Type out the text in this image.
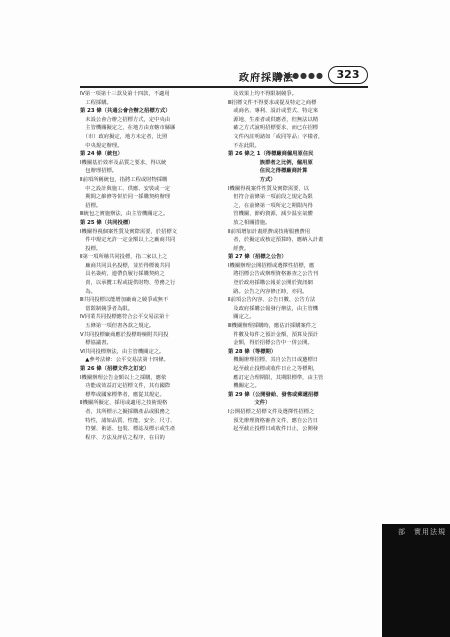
政府採購法
●●●●●●	323
Ⅳ第一項第十三款及第十四款，不適用
　工程採購。
第 23 條（共通公會合辦之招標方式）
　未設公會合辦之招標方式，定中央由
　主管機關擬定之，在地方由直轄市縣縣
　（市）政府擬定，地方未定者，比照
　中央規定辦理。
第 24 條（統包）
Ⅰ機關基於效率及品質之要求，得以統
　包辦理招標。
Ⅱ前項所稱統包，指將工程或財物採購
　中之設計與施工、供應、安裝或一定
　期間之維修等併於同一採購契約辦理
　招標。
Ⅲ統包之實施辦法，由主管機關定之。
第 25 條（共同投標）
Ⅰ機關得視個案性質及實際需要，於招標文
　件中規定允許一定金額以上之廠商共同
　投標。
Ⅱ第一項所稱共同投標，指二家以上之
　廠商共同具名投標，並於得標後共同
　具名簽約，連帶負履行採購契約之
　責，以承攬工程或提供財物、勞務之行
　為。
Ⅲ共同投標以能增加廠商之競爭或無不
　當限制競爭者為限。
Ⅳ同業共同投標應符合公平交易法第十
　五條第一項但書各款之規定。
Ⅴ共同投標廠商應於投標時檢附共同投
　標協議書。
Ⅵ共同投標辦法，由主管機關定之。
　▲參考法條：公平交易法第十四條。
第 26 條（招標文件之訂定）
Ⅰ機關辦理公告金額以上之採購，應依
　功能或效益訂定招標文件，其有國際
　標準或國家標準者，應從其規定。
Ⅱ機關所擬定、採用或適用之技術規格
　者，其所標示之擬採購產品或服務之
　特性，諸如品質、性能、安全、尺寸、
　符號、術語、包裝、標誌及標示或生產
　程序、方法及評估之程序，在目的
　及效果上均不得限制競爭。
Ⅲ招標文件不得要求或提及特定之商標
　或商名、專利、設計或型式、特定來
　源地、生產者或供應者，但無法以精
　確之方式說明招標要求，而已在招標
　文件內註明諸如「或同等品」字樣者，
　不在此限。
第 26 條之 1（得標廠商僱用原住民
　　　　　　族群者之比例，僱用原
　　　　　　住民之得標廠商計算
　　　　　　方式）
Ⅰ機關得視案件性質及實際需要，以
　但符合前條第一項前段之規定為限
　之，在前條第一項所定之期限內得
　管機關，節約資源，減少温室氣體
　放之相關措施。
Ⅱ前項增加計畫經費或技術服務費用
　者，於擬定或核定預算時，應納入計畫
　經費。
第 27 條（招標之公告）
Ⅰ機關辦理公開招標或選擇性招標，應
　將招標公告或辦理資格審查之公告刊
　登於政府採購公報並公開於資訊網
　路。公告之內容修正時，亦同。
Ⅱ前項公告內容、公告日數、公告方法
　及政府採購公報發行辦法，由主管機
　關定之。
Ⅲ機關辦理採購時，應估計採購案件之
　件數及每件之預計金額，預算及預計
　金額，得於招標公告中一併公開。
第 28 條（等標期）
　機關辦理招標，其自公告日或邀標日
　起至截止投標或收件日止之等標期，
　應訂定合理期限，其期限標準，由主管
　機關定之。
第 29 條（公開發給、發售或郵遞招標
　　　　　文件）
Ⅰ公開招標之招標文件及選擇性招標之
　預先辦理資格審查文件，應自公告日
　起至截止投標日或收件日止，公開發
部　實用法規
